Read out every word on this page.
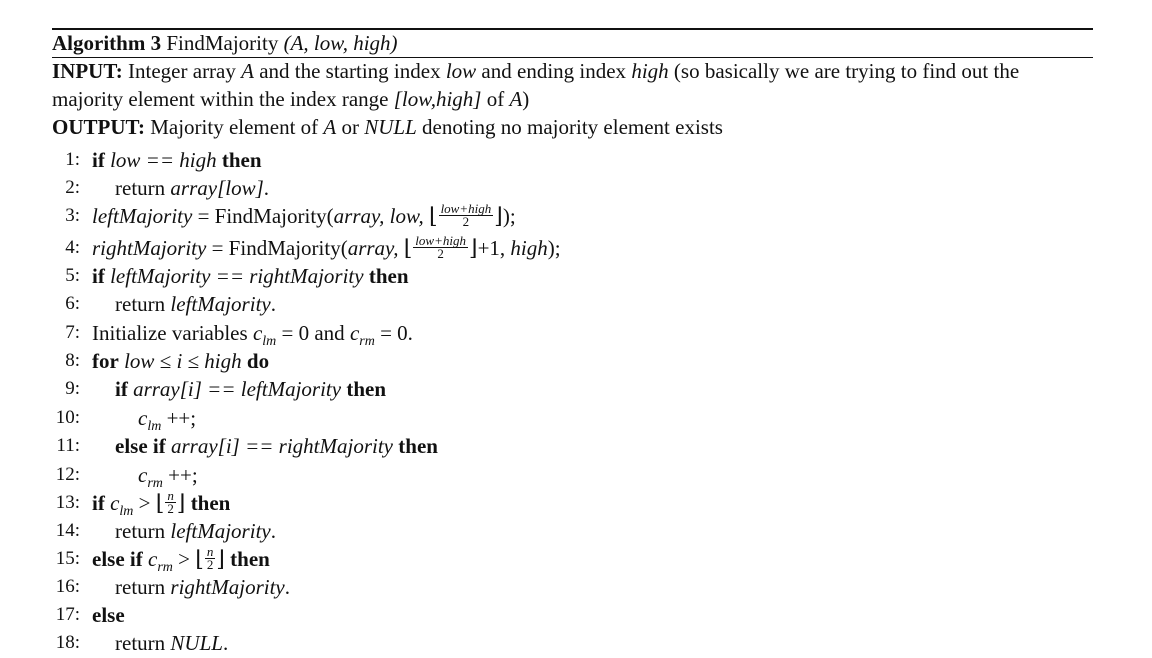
Algorithm 3 FindMajority (A, low, high)
INPUT: Integer array A and the starting index low and ending index high (so basically we are trying to find out the
majority element within the index range [low,high] of A)
OUTPUT: Majority element of A or NULL denoting no majority element exists
1: if low == high then
2: return array[low].
3: leftMajority = FindMajority(array, low, ⌊ $\frac{\text{low+high}}{2}$ ⌋);
4: rightMajority = FindMajority(array, ⌊ $\frac{\text{low+high}}{2}$ ⌋+1, high);
5: if leftMajority == rightMajority then
6: return leftMajority.
7: Initialize variables $c_{lm} = 0$ and $c_{rm} = 0$.
8: for low ≤ i ≤ high do
9: if array[i] == leftMajority then
10:	$c_{lm}$ ++;
11: else if array[i] == rightMajority then
12:	$c_{rm}$ ++;
13: if $c_{lm}$ > ⌊ $\frac{n}{2}$ ⌋ then
14: return leftMajority.
15: else if $c_{rm}$ > ⌊ $\frac{n}{2}$ ⌋ then
16: return rightMajority.
17: else
18: return NULL.
